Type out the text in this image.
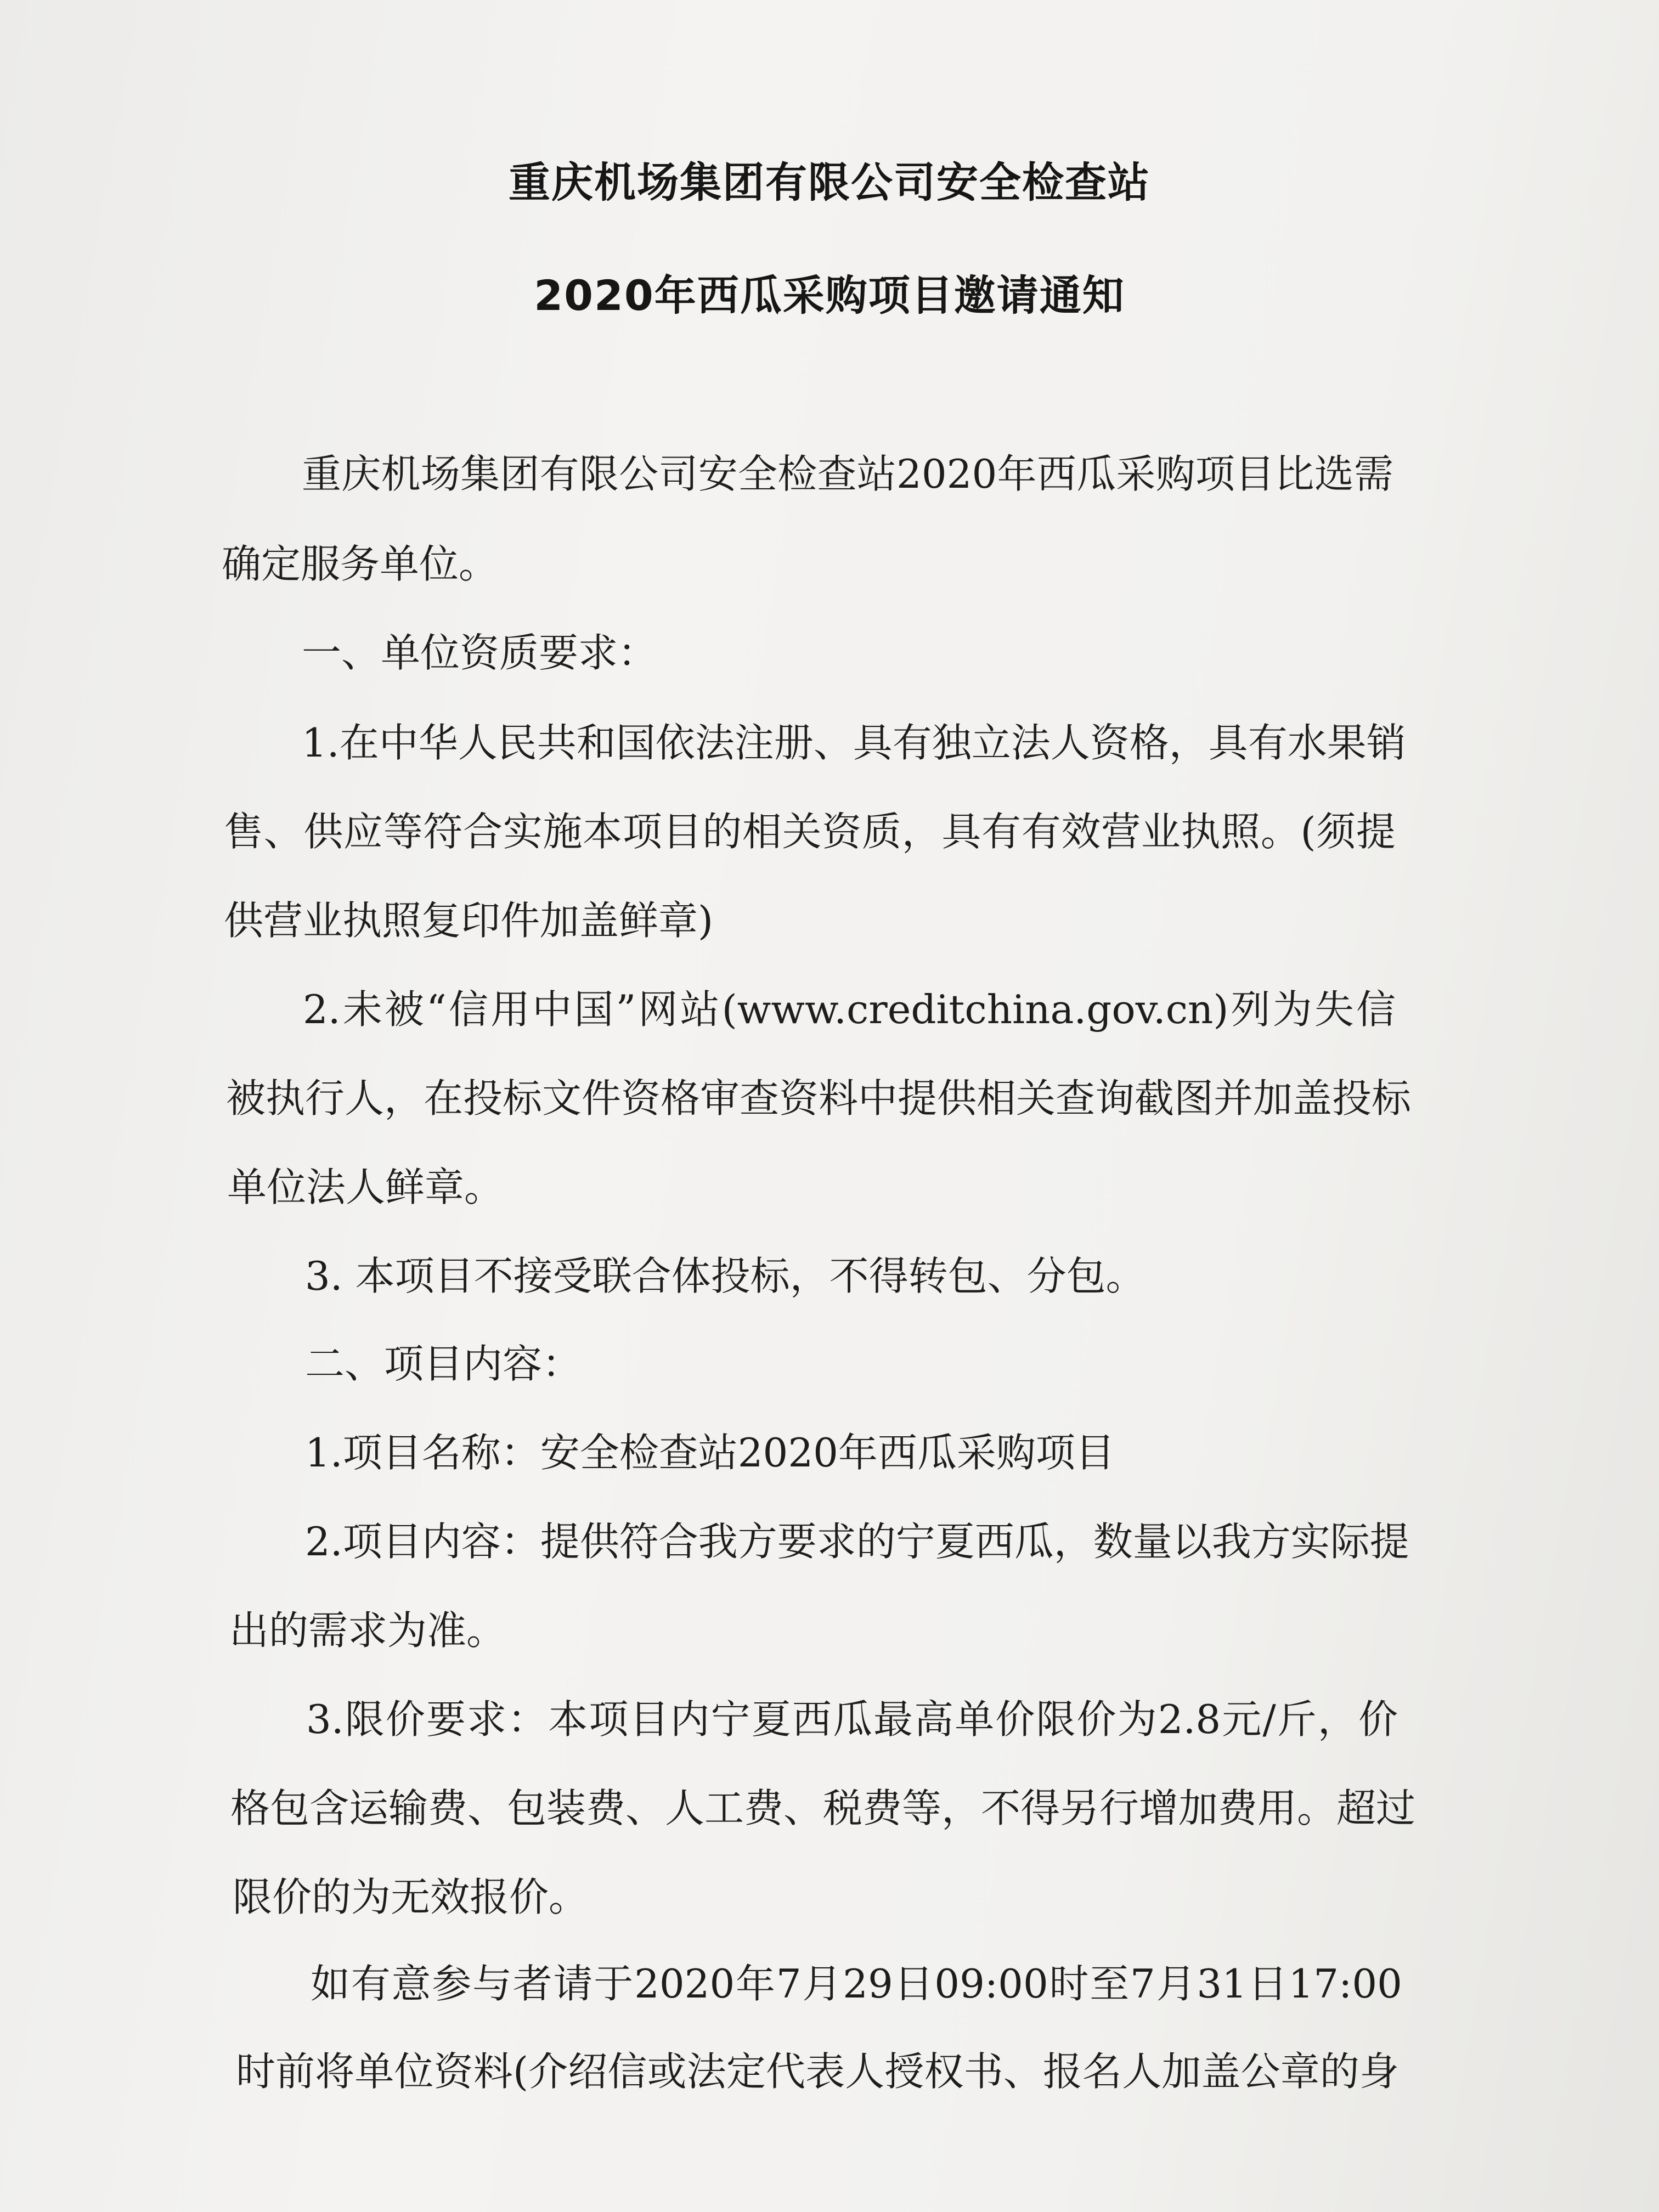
重庆机场集团有限公司安全检查站
2020年西瓜采购项目邀请通知
重庆机场集团有限公司安全检查站2020年西瓜采购项目比选需
确定服务单位。
一、单位资质要求：
1.在中华人民共和国依法注册、具有独立法人资格，具有水果销
售、供应等符合实施本项目的相关资质，具有有效营业执照。(须提
供营业执照复印件加盖鲜章)
2.未被“信用中国”网站(www.creditchina.gov.cn)列为失信
被执行人，在投标文件资格审查资料中提供相关查询截图并加盖投标
单位法人鲜章。
3. 本项目不接受联合体投标，不得转包、分包。
二、项目内容：
1.项目名称：安全检查站2020年西瓜采购项目
2.项目内容：提供符合我方要求的宁夏西瓜，数量以我方实际提
出的需求为准。
3.限价要求：本项目内宁夏西瓜最高单价限价为2.8元/斤，价
格包含运输费、包装费、人工费、税费等，不得另行增加费用。超过
限价的为无效报价。
如有意参与者请于2020年7月29日09:00时至7月31日17:00
时前将单位资料(介绍信或法定代表人授权书、报名人加盖公章的身
